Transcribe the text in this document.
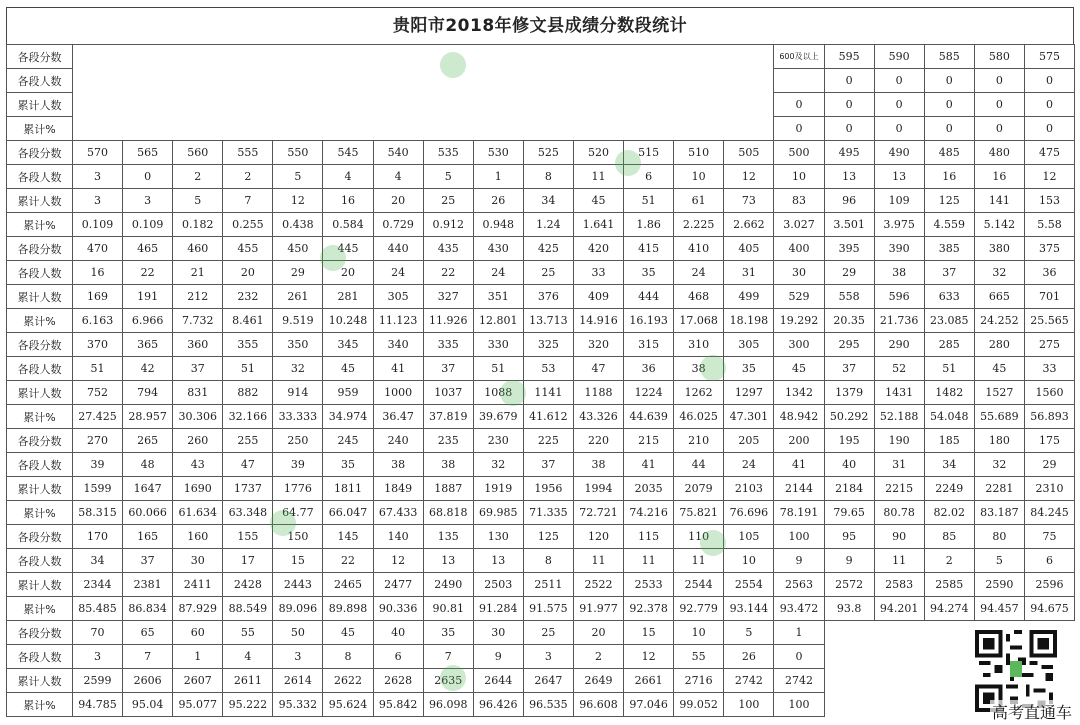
贵阳市2018年修文县成绩分数段统计
各段分数															600及以上	595	590	585	580	575
各段人数																0	0	0	0	0
累计人数															0	0	0	0	0	0
累计%															0	0	0	0	0	0
各段分数	570	565	560	555	550	545	540	535	530	525	520	515	510	505	500	495	490	485	480	475
各段人数	3	0	2	2	5	4	4	5	1	8	11	6	10	12	10	13	13	16	16	12
累计人数	3	3	5	7	12	16	20	25	26	34	45	51	61	73	83	96	109	125	141	153
累计%	0.109	0.109	0.182	0.255	0.438	0.584	0.729	0.912	0.948	1.24	1.641	1.86	2.225	2.662	3.027	3.501	3.975	4.559	5.142	5.58
各段分数	470	465	460	455	450	445	440	435	430	425	420	415	410	405	400	395	390	385	380	375
各段人数	16	22	21	20	29	20	24	22	24	25	33	35	24	31	30	29	38	37	32	36
累计人数	169	191	212	232	261	281	305	327	351	376	409	444	468	499	529	558	596	633	665	701
累计%	6.163	6.966	7.732	8.461	9.519	10.248	11.123	11.926	12.801	13.713	14.916	16.193	17.068	18.198	19.292	20.35	21.736	23.085	24.252	25.565
各段分数	370	365	360	355	350	345	340	335	330	325	320	315	310	305	300	295	290	285	280	275
各段人数	51	42	37	51	32	45	41	37	51	53	47	36	38	35	45	37	52	51	45	33
累计人数	752	794	831	882	914	959	1000	1037	1088	1141	1188	1224	1262	1297	1342	1379	1431	1482	1527	1560
累计%	27.425	28.957	30.306	32.166	33.333	34.974	36.47	37.819	39.679	41.612	43.326	44.639	46.025	47.301	48.942	50.292	52.188	54.048	55.689	56.893
各段分数	270	265	260	255	250	245	240	235	230	225	220	215	210	205	200	195	190	185	180	175
各段人数	39	48	43	47	39	35	38	38	32	37	38	41	44	24	41	40	31	34	32	29
累计人数	1599	1647	1690	1737	1776	1811	1849	1887	1919	1956	1994	2035	2079	2103	2144	2184	2215	2249	2281	2310
累计%	58.315	60.066	61.634	63.348	64.77	66.047	67.433	68.818	69.985	71.335	72.721	74.216	75.821	76.696	78.191	79.65	80.78	82.02	83.187	84.245
各段分数	170	165	160	155	150	145	140	135	130	125	120	115	110	105	100	95	90	85	80	75
各段人数	34	37	30	17	15	22	12	13	13	8	11	11	11	10	9	9	11	2	5	6
累计人数	2344	2381	2411	2428	2443	2465	2477	2490	2503	2511	2522	2533	2544	2554	2563	2572	2583	2585	2590	2596
累计%	85.485	86.834	87.929	88.549	89.096	89.898	90.336	90.81	91.284	91.575	91.977	92.378	92.779	93.144	93.472	93.8	94.201	94.274	94.457	94.675
各段分数	70	65	60	55	50	45	40	35	30	25	20	15	10	5	1					
各段人数	3	7	1	4	3	8	6	7	9	3	2	12	55	26	0					
累计人数	2599	2606	2607	2611	2614	2622	2628	2635	2644	2647	2649	2661	2716	2742	2742					
累计%	94.785	95.04	95.077	95.222	95.332	95.624	95.842	96.098	96.426	96.535	96.608	97.046	99.052	100	100						高考直通车
